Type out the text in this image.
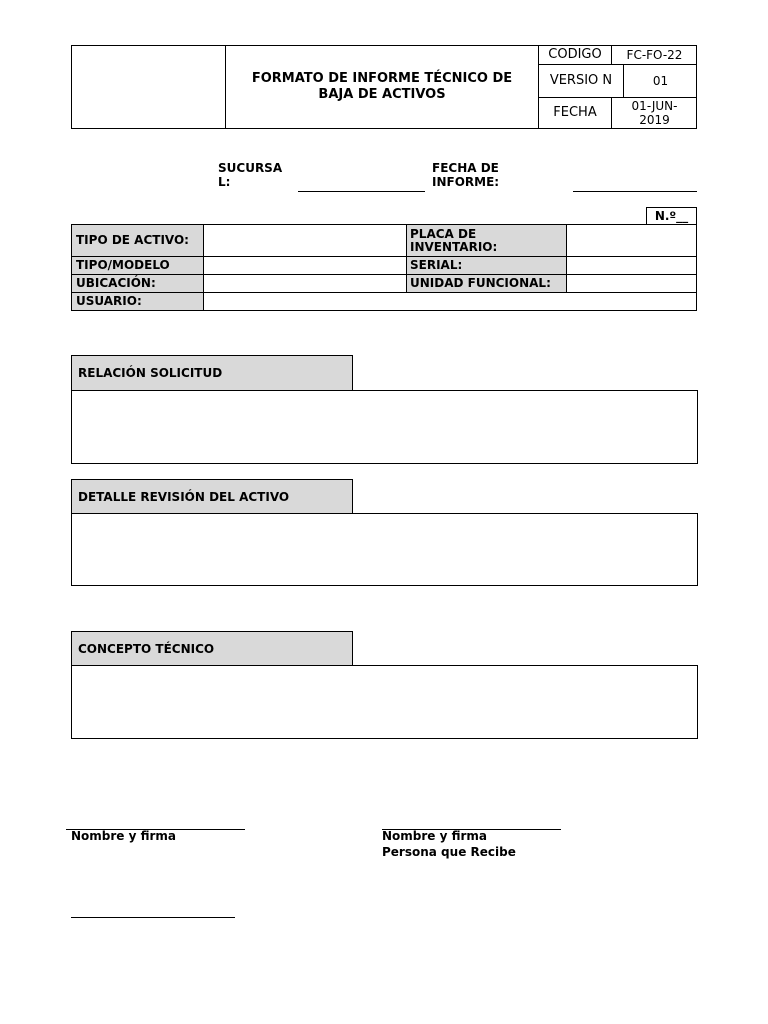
FORMATO DE INFORME TÉCNICO DE BAJA DE ACTIVOS
CODIGO	FC-FO-22
VERSIO N	01
FECHA	01-JUN-2019
SUCURSA L:
FECHA DE INFORME:
N.º__
TIPO DE ACTIVO:	PLACA DE INVENTARIO:
TIPO/MODELO	SERIAL:
UBICACIÓN:	UNIDAD FUNCIONAL:
USUARIO:
RELACIÓN SOLICITUD
DETALLE REVISIÓN DEL ACTIVO
CONCEPTO TÉCNICO
Nombre y firma	Nombre y firma
Persona que Recibe
